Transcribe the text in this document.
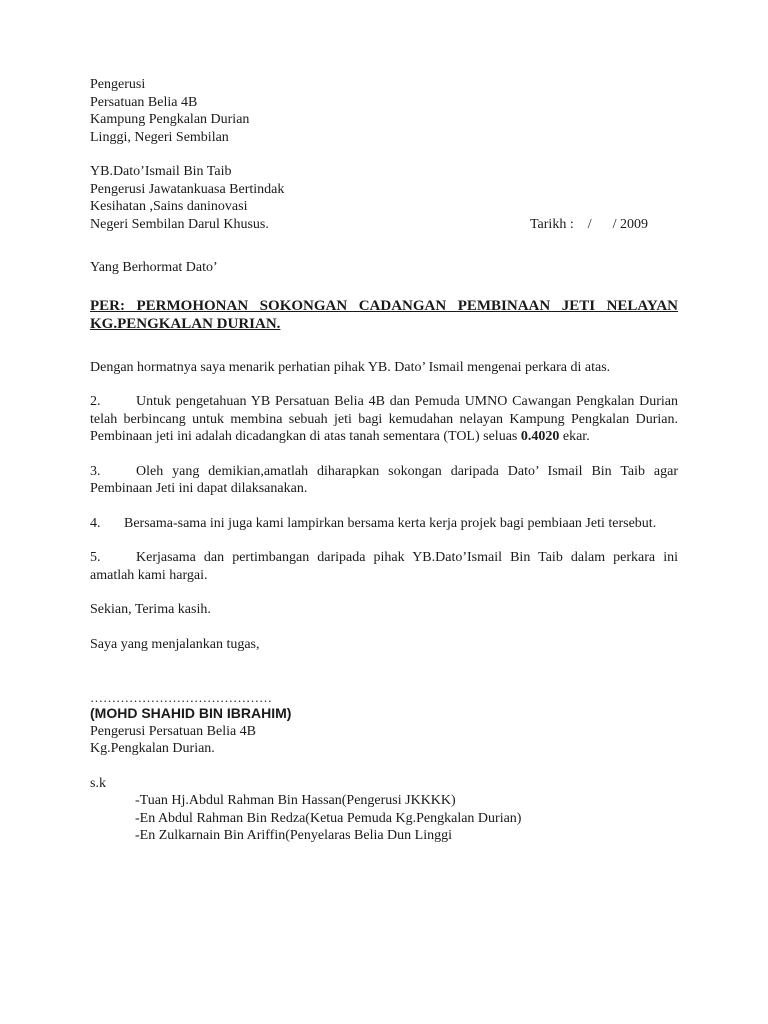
Pengerusi
Persatuan Belia 4B
Kampung Pengkalan Durian
Linggi, Negeri Sembilan
YB.Dato’Ismail Bin Taib
Pengerusi Jawatankuasa Bertindak
Kesihatan ,Sains daninovasi
Negeri Sembilan Darul Khusus.	Tarikh :    /      / 2009
Yang Berhormat Dato’
PER: PERMOHONAN SOKONGAN CADANGAN PEMBINAAN JETI NELAYAN KG.PENGKALAN DURIAN.
Dengan hormatnya saya menarik perhatian pihak YB. Dato’ Ismail mengenai perkara di atas.
2.	Untuk pengetahuan YB Persatuan Belia 4B dan Pemuda UMNO Cawangan Pengkalan Durian telah berbincang untuk membina sebuah jeti bagi kemudahan nelayan Kampung Pengkalan Durian. Pembinaan jeti ini adalah dicadangkan di atas tanah sementara (TOL) seluas 0.4020 ekar.
3.	Oleh yang demikian,amatlah diharapkan sokongan daripada Dato’ Ismail Bin Taib agar Pembinaan Jeti ini dapat dilaksanakan.
4. Bersama-sama ini juga kami lampirkan bersama kerta kerja projek bagi pembiaan Jeti tersebut.
5.	Kerjasama dan pertimbangan daripada pihak YB.Dato’Ismail Bin Taib dalam perkara ini amatlah kami hargai.
Sekian, Terima kasih.
Saya yang menjalankan tugas,
……………………………………
(MOHD SHAHID BIN IBRAHIM)
Pengerusi Persatuan Belia 4B
Kg.Pengkalan Durian.
s.k
-Tuan Hj.Abdul Rahman Bin Hassan(Pengerusi JKKKK)
-En Abdul Rahman Bin Redza(Ketua Pemuda Kg.Pengkalan Durian)
-En Zulkarnain Bin Ariffin(Penyelaras Belia Dun Linggi
